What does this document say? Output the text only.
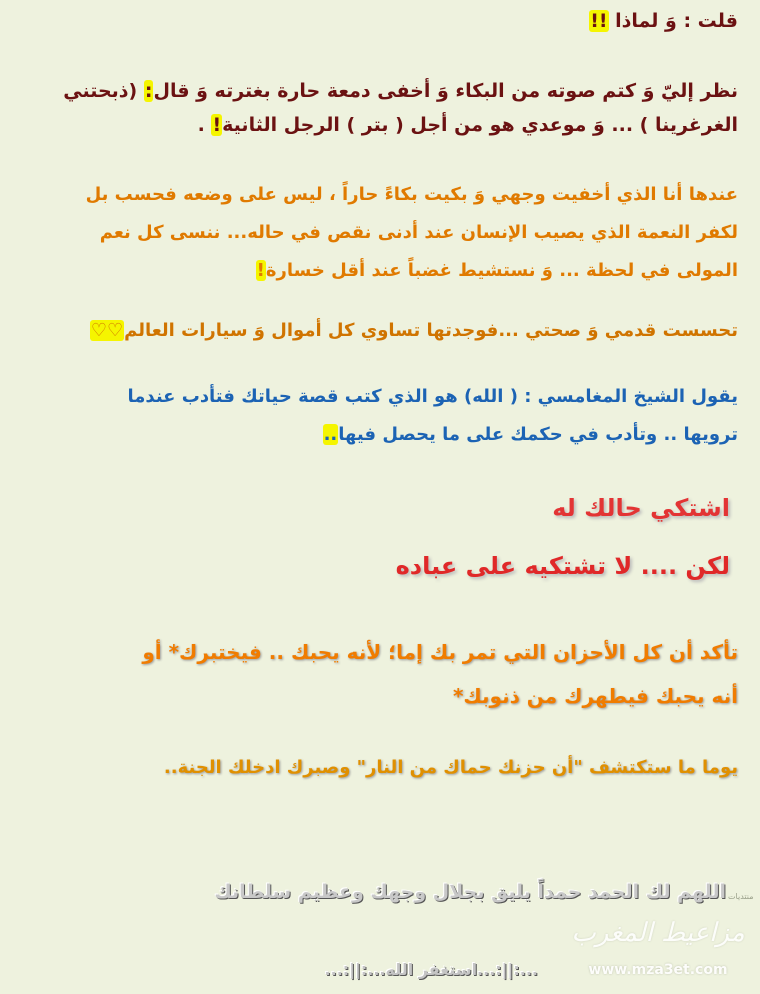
قلت : وَ لماذا !!
نظر إليّ وَ كتم صوته من البكاء وَ أخفى دمعة حارة بغترته وَ قال: (ذبحتني
الغرغرينا ) ... وَ موعدي هو من أجل ( بتر ) الرجل الثانية! .
عندها أنا الذي أخفيت وجهي وَ بكيت بكاءً حاراً ، ليس على وضعه فحسب بل
لكفر النعمة الذي يصيب الإنسان عند أدنى نقص في حاله... ننسى كل نعم
المولى في لحظة ... وَ نستشيط غضباً عند أقل خسارة!
تحسست قدمي وَ صحتي ...فوجدتها تساوي كل أموال وَ سيارات العالم♡♡
يقول الشيخ المغامسي : ( الله) هو الذي كتب قصة حياتك فتأدب عندما
ترويها .. وتأدب في حكمك على ما يحصل فيها..
اشتكي حالك له
لكن .... لا تشتكيه على عباده
تأكد أن كل الأحزان التي تمر بك إما؛ لأنه يحبك .. فيختبرك* أو
أنه يحبك فيطهرك من ذنوبك*
يوما ما ستكتشف "أن حزنك حماك من النار" وصبرك ادخلك الجنة..
اللهم لك الحمد حمداً يليق بجلال وجهك وعظيم سلطانك
...:||:...استغفر الله...:||:...
منتديات
مزاعيط المغرب
www.mza3et.com
